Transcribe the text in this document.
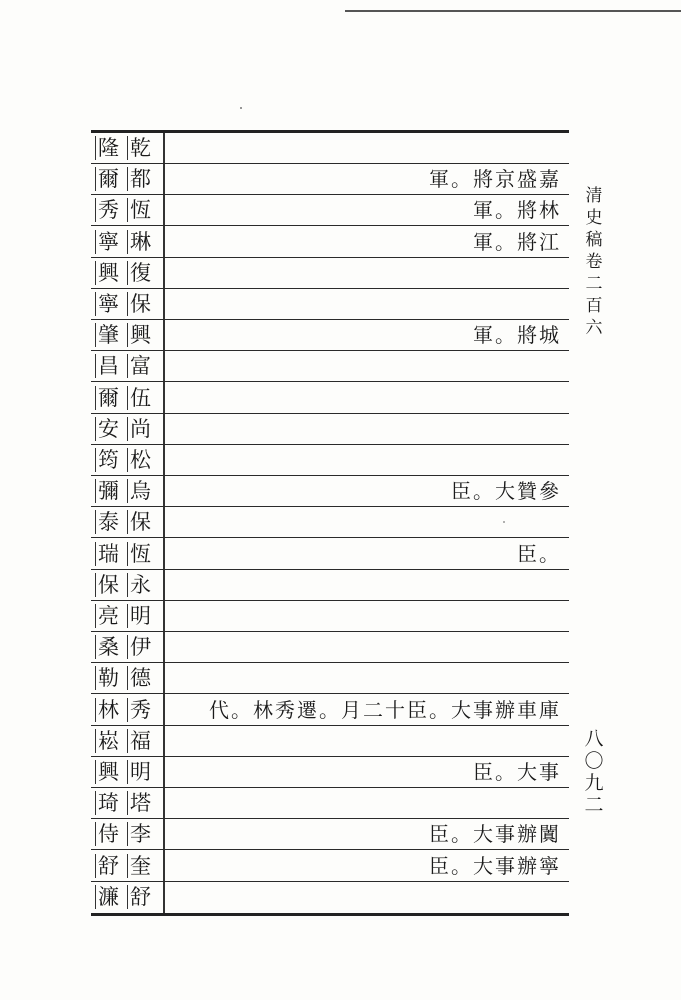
隆 乾
爾 都	軍。將京盛嘉
秀 恆	軍。將林
寧 琳	軍。將江
興 復
寧 保
肇 興	軍。將城
昌 富
爾 伍
安 尚
筠 松
彌 烏	臣。大贊參
泰 保
瑞 恆	臣。
保 永
亮 明
桑 伊
勒 德
林 秀	代。林秀遷。月二十臣。大事辦車庫
崧 福
興 明	臣。大事
琦 塔
侍 李	臣。大事辦闐
舒 奎	臣。大事辦寧
濂 舒
清史稿卷二百六
八〇九二
